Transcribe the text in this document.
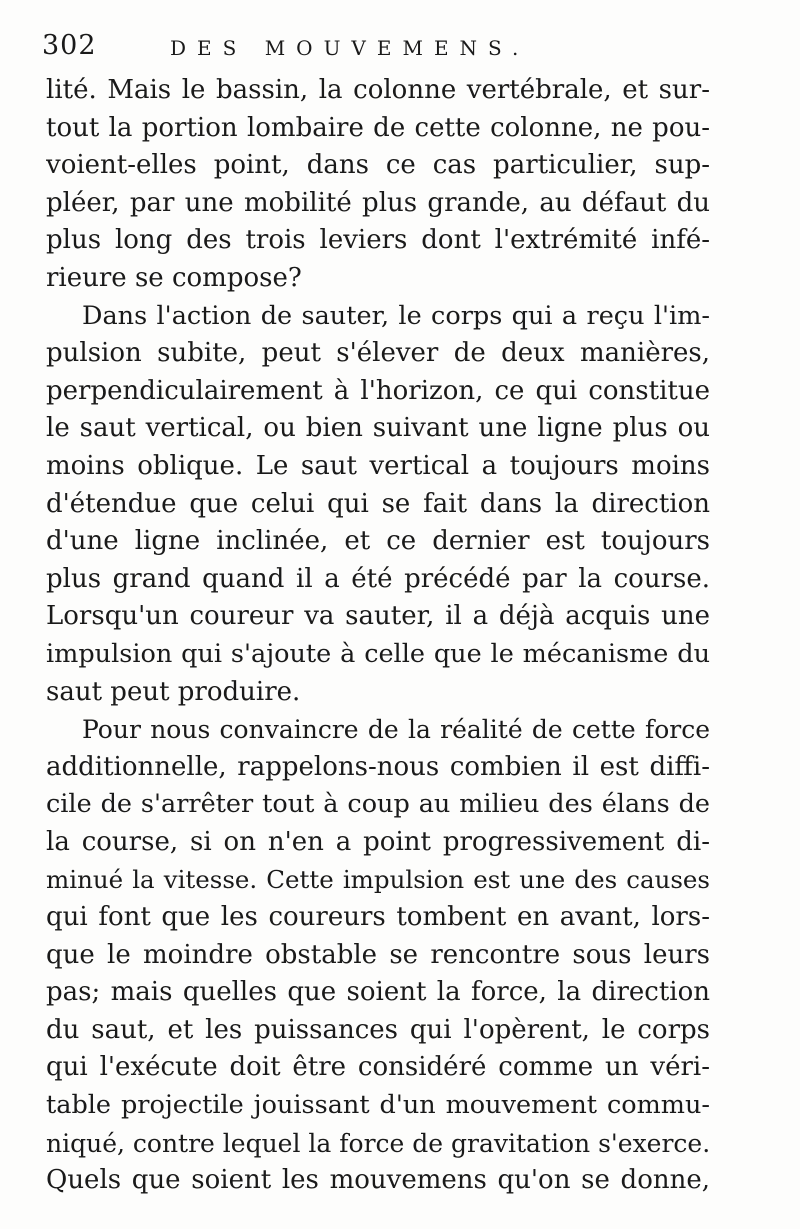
302	DES MOUVEMENS.
lité. Mais le bassin, la colonne vertébrale, et sur-
tout la portion lombaire de cette colonne, ne pou-
voient-elles point, dans ce cas particulier, sup-
pléer, par une mobilité plus grande, au défaut du
plus long des trois leviers dont l'extrémité infé-
rieure se compose?
Dans l'action de sauter, le corps qui a reçu l'im-
pulsion subite, peut s'élever de deux manières,
perpendiculairement à l'horizon, ce qui constitue
le saut vertical, ou bien suivant une ligne plus ou
moins oblique. Le saut vertical a toujours moins
d'étendue que celui qui se fait dans la direction
d'une ligne inclinée, et ce dernier est toujours
plus grand quand il a été précédé par la course.
Lorsqu'un coureur va sauter, il a déjà acquis une
impulsion qui s'ajoute à celle que le mécanisme du
saut peut produire.
Pour nous convaincre de la réalité de cette force
additionnelle, rappelons-nous combien il est diffi-
cile de s'arrêter tout à coup au milieu des élans de
la course, si on n'en a point progressivement di-
minué la vitesse. Cette impulsion est une des causes
qui font que les coureurs tombent en avant, lors-
que le moindre obstable se rencontre sous leurs
pas; mais quelles que soient la force, la direction
du saut, et les puissances qui l'opèrent, le corps
qui l'exécute doit être considéré comme un véri-
table projectile jouissant d'un mouvement commu-
niqué, contre lequel la force de gravitation s'exerce.
Quels que soient les mouvemens qu'on se donne,
